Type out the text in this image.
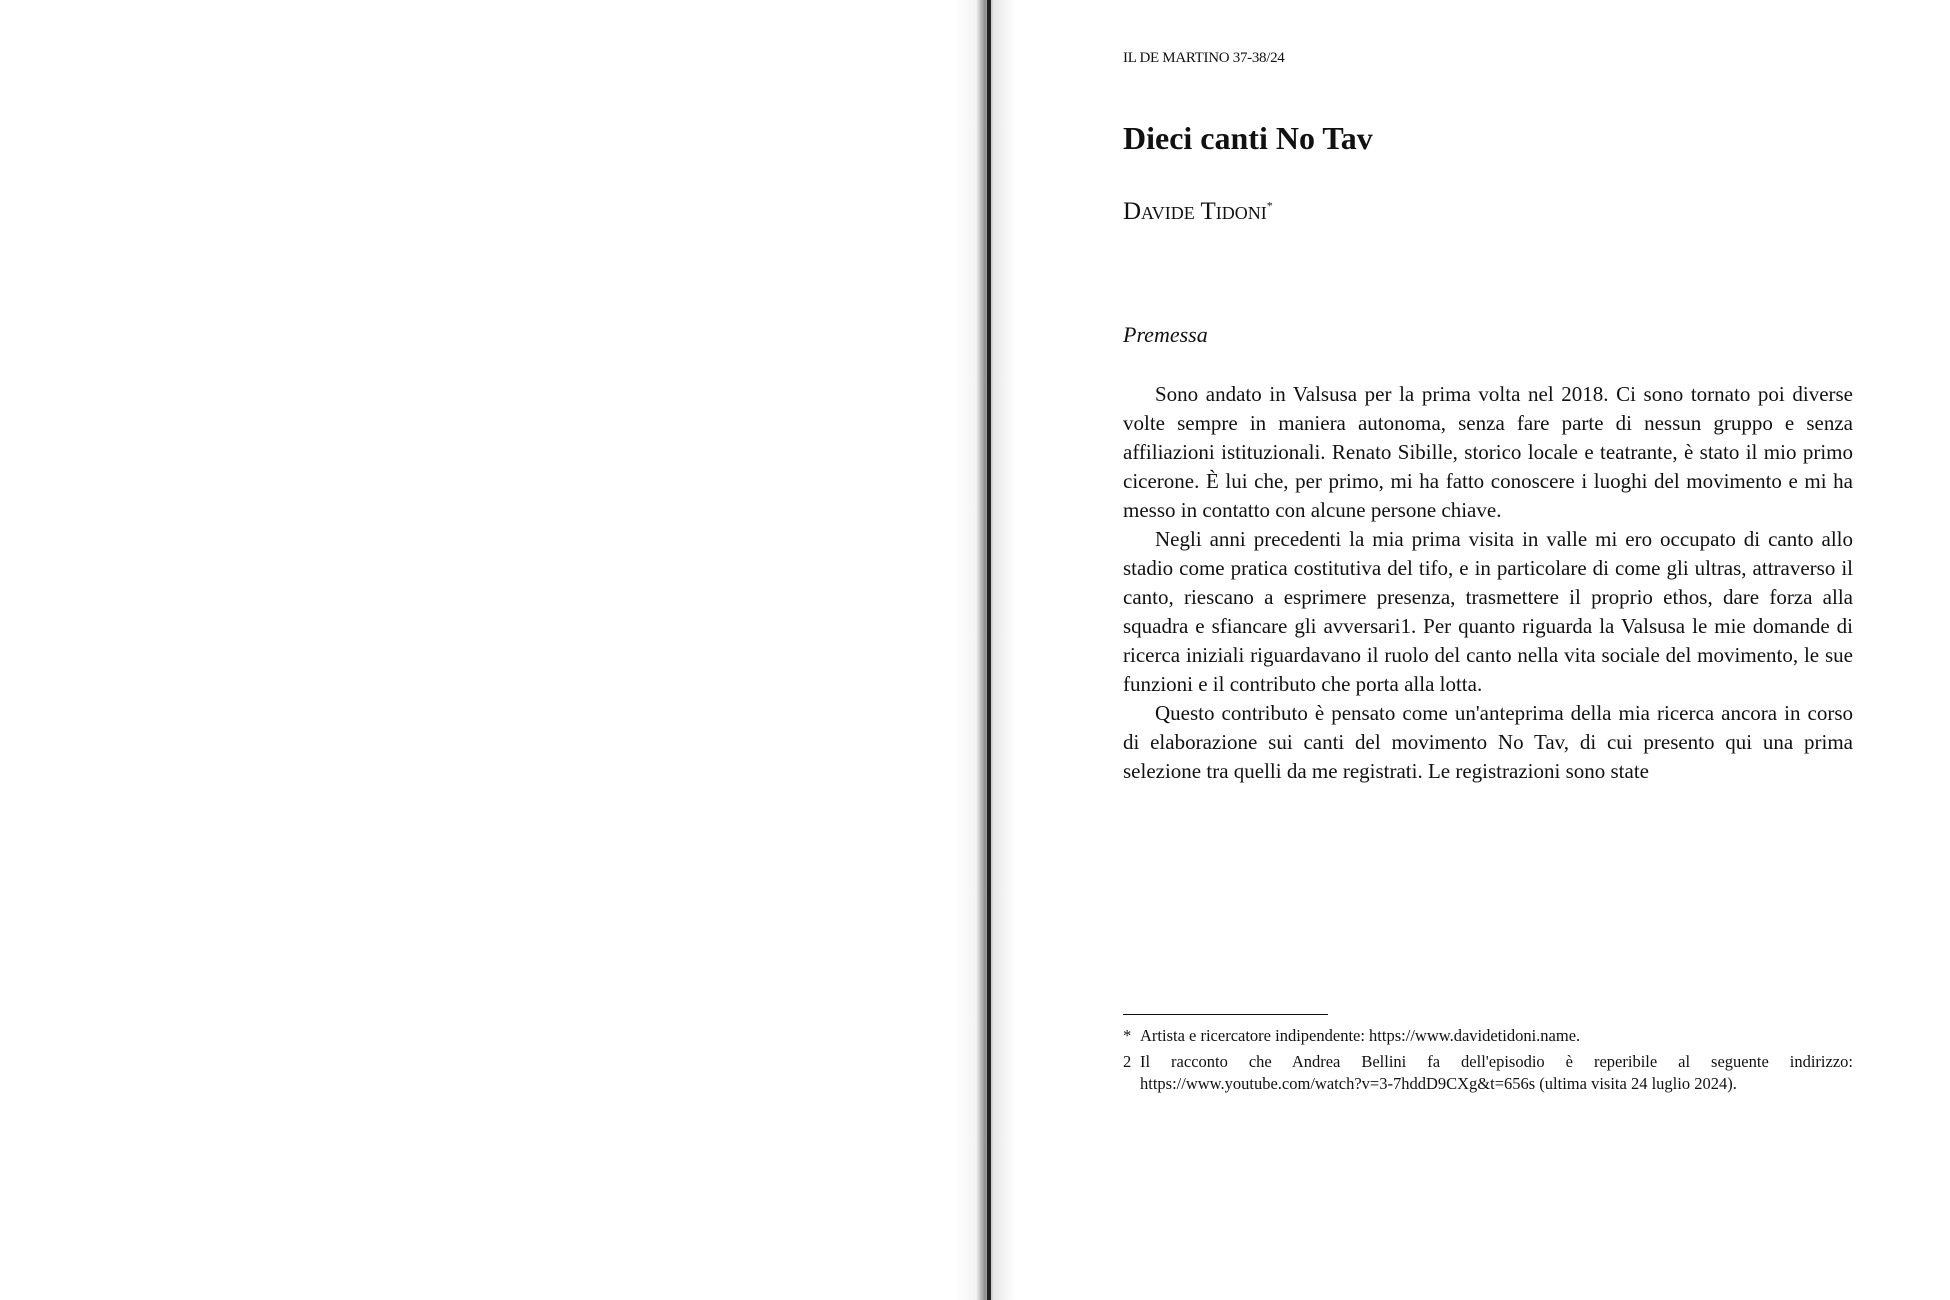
IL DE MARTINO 37-38/24
Dieci canti No Tav
Davide Tidoni*
Premessa

Sono andato in Valsusa per la prima volta nel 2018. Ci sono tornato poi diverse volte sempre in maniera autonoma, senza fare parte di nessun gruppo e senza affiliazioni istituzionali. Renato Sibille, storico locale e teatrante, è stato il mio primo cicerone. È lui che, per primo, mi ha fatto conoscere i luoghi del movimento e mi ha messo in contatto con alcune persone chiave.

Negli anni precedenti la mia prima visita in valle mi ero occupato di canto allo stadio come pratica costitutiva del tifo, e in particolare di come gli ultras, attraverso il canto, riescano a esprimere presenza, trasmettere il proprio ethos, dare forza alla squadra e sfiancare gli avversari1. Per quanto riguarda la Valsusa le mie domande di ricerca iniziali riguardavano il ruolo del canto nella vita sociale del movimento, le sue funzioni e il contributo che porta alla lotta.

Questo contributo è pensato come un'anteprima della mia ricerca ancora in corso di elaborazione sui canti del movimento No Tav, di cui presento qui una prima selezione tra quelli da me registrati. Le registrazioni sono state

* Artista e ricercatore indipendente: https://www.davidetidoni.name.
2 Il racconto che Andrea Bellini fa dell'episodio è reperibile al seguente indirizzo: https://www.youtube.com/watch?v=3-7hddD9CXg&t=656s (ultima visita 24 luglio 2024).
